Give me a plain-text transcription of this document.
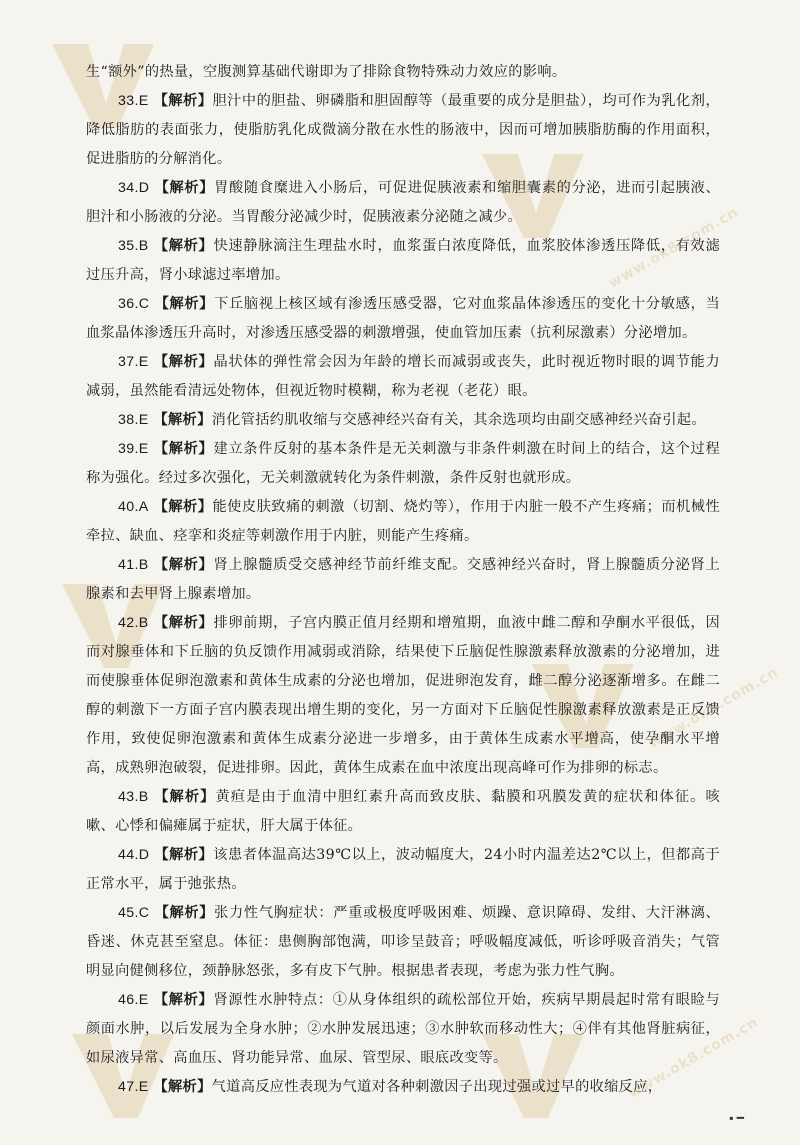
www.ok8.com.cn
www.ok8.com.cn
www.ok8.com.cn

生“额外”的热量，空腹测算基础代谢即为了排除食物特殊动力效应的影响。

33.E 【解析】胆汁中的胆盐、卵磷脂和胆固醇等（最重要的成分是胆盐），均可作为乳化剂，降低脂肪的表面张力，使脂肪乳化成微滴分散在水性的肠液中，因而可增加胰脂肪酶的作用面积，促进脂肪的分解消化。

34.D 【解析】胃酸随食糜进入小肠后，可促进促胰液素和缩胆囊素的分泌，进而引起胰液、胆汁和小肠液的分泌。当胃酸分泌减少时，促胰液素分泌随之减少。

35.B 【解析】快速静脉滴注生理盐水时，血浆蛋白浓度降低，血浆胶体渗透压降低，有效滤过压升高，肾小球滤过率增加。

36.C 【解析】下丘脑视上核区域有渗透压感受器，它对血浆晶体渗透压的变化十分敏感，当血浆晶体渗透压升高时，对渗透压感受器的刺激增强，使血管加压素（抗利尿激素）分泌增加。

37.E 【解析】晶状体的弹性常会因为年龄的增长而减弱或丧失，此时视近物时眼的调节能力减弱，虽然能看清远处物体，但视近物时模糊，称为老视（老花）眼。

38.E 【解析】消化管括约肌收缩与交感神经兴奋有关，其余选项均由副交感神经兴奋引起。

39.E 【解析】建立条件反射的基本条件是无关刺激与非条件刺激在时间上的结合，这个过程称为强化。经过多次强化，无关刺激就转化为条件刺激，条件反射也就形成。

40.A 【解析】能使皮肤致痛的刺激（切割、烧灼等），作用于内脏一般不产生疼痛；而机械性牵拉、缺血、痉挛和炎症等刺激作用于内脏，则能产生疼痛。

41.B 【解析】肾上腺髓质受交感神经节前纤维支配。交感神经兴奋时，肾上腺髓质分泌肾上腺素和去甲肾上腺素增加。

42.B 【解析】排卵前期，子宫内膜正值月经期和增殖期，血液中雌二醇和孕酮水平很低，因而对腺垂体和下丘脑的负反馈作用减弱或消除，结果使下丘脑促性腺激素释放激素的分泌增加，进而使腺垂体促卵泡激素和黄体生成素的分泌也增加，促进卵泡发育，雌二醇分泌逐渐增多。在雌二醇的刺激下一方面子宫内膜表现出增生期的变化，另一方面对下丘脑促性腺激素释放激素是正反馈作用，致使促卵泡激素和黄体生成素分泌进一步增多，由于黄体生成素水平增高，使孕酮水平增高，成熟卵泡破裂，促进排卵。因此，黄体生成素在血中浓度出现高峰可作为排卵的标志。

43.B 【解析】黄疸是由于血清中胆红素升高而致皮肤、黏膜和巩膜发黄的症状和体征。咳嗽、心悸和偏瘫属于症状，肝大属于体征。

44.D 【解析】该患者体温高达39℃以上，波动幅度大，24小时内温差达2℃以上，但都高于正常水平，属于弛张热。

45.C 【解析】张力性气胸症状：严重或极度呼吸困难、烦躁、意识障碍、发绀、大汗淋漓、昏迷、休克甚至窒息。体征：患侧胸部饱满，叩诊呈鼓音；呼吸幅度减低，听诊呼吸音消失；气管明显向健侧移位，颈静脉怒张，多有皮下气肿。根据患者表现，考虑为张力性气胸。

46.E 【解析】肾源性水肿特点：①从身体组织的疏松部位开始，疾病早期晨起时常有眼睑与颜面水肿，以后发展为全身水肿；②水肿发展迅速；③水肿软而移动性大；④伴有其他肾脏病征，如尿液异常、高血压、肾功能异常、血尿、管型尿、眼底改变等。

47.E 【解析】气道高反应性表现为气道对各种刺激因子出现过强或过早的收缩反应，

▪ ━
